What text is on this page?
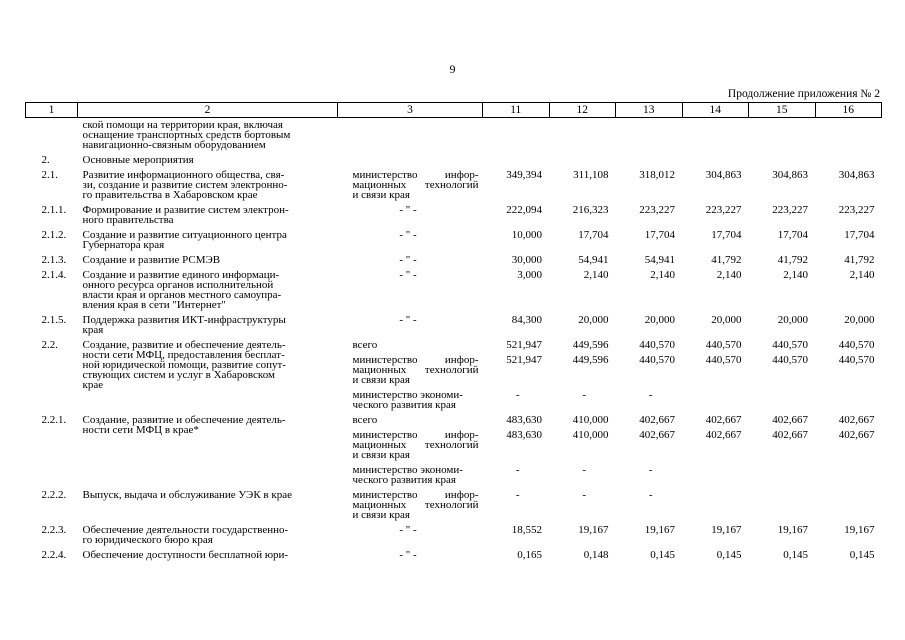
9
Продолжение приложения № 2
1	2	3	11	12	13	14	15	16

	ской помощи на территории края, включая
оснащение транспортных средств бортовым
навигационно-связным оборудованием							

2.	Основные мероприятия							

2.1.	Развитие информационного общества, свя-
зи, создание и развитие систем электронно-
го правительства в Хабаровском крае	министерство инфор-
мационных технологий
и связи края	349,394	311,108	318,012	304,863	304,863	304,863
2.1.1.	Формирование и развитие систем электрон-
ного правительства	- " -	222,094	216,323	223,227	223,227	223,227	223,227
2.1.2.	Создание и развитие ситуационного центра
Губернатора края	- " -	10,000	17,704	17,704	17,704	17,704	17,704
2.1.3.	Создание и развитие РСМЭВ	- " -	30,000	54,941	54,941	41,792	41,792	41,792
2.1.4.	Создание и развитие единого информаци-
онного ресурса органов исполнительной
власти края и органов местного самоупра-
вления края в сети "Интернет"	- " -	3,000	2,140	2,140	2,140	2,140	2,140
2.1.5.	Поддержка развития ИКТ-инфраструктуры
края	- " -	84,300	20,000	20,000	20,000	20,000	20,000
2.2.	Создание, развитие и обеспечение деятель-
ности сети МФЦ, предоставления бесплат-
ной юридической помощи, развитие сопут-
ствующих систем и услуг в Хабаровском
крае	всего	521,947	449,596	440,570	440,570	440,570	440,570

		министерство инфор-
мационных технологий
и связи края	521,947	449,596	440,570	440,570	440,570	440,570

		министерство экономи-
ческого развития края	-	-	-			
2.2.1.	Создание, развитие и обеспечение деятель-
ности сети МФЦ в крае*	всего	483,630	410,000	402,667	402,667	402,667	402,667

		министерство инфор-
мационных технологий
и связи края	483,630	410,000	402,667	402,667	402,667	402,667

		министерство экономи-
ческого развития края	-	-	-			
2.2.2.	Выпуск, выдача и обслуживание УЭК в крае	министерство инфор-
мационных технологий
и связи края	-	-	-			
2.2.3.	Обеспечение деятельности государственно-
го юридического бюро края	- " -	18,552	19,167	19,167	19,167	19,167	19,167
2.2.4.	Обеспечение доступности бесплатной юри-	- " -	0,165	0,148	0,145	0,145	0,145	0,145
